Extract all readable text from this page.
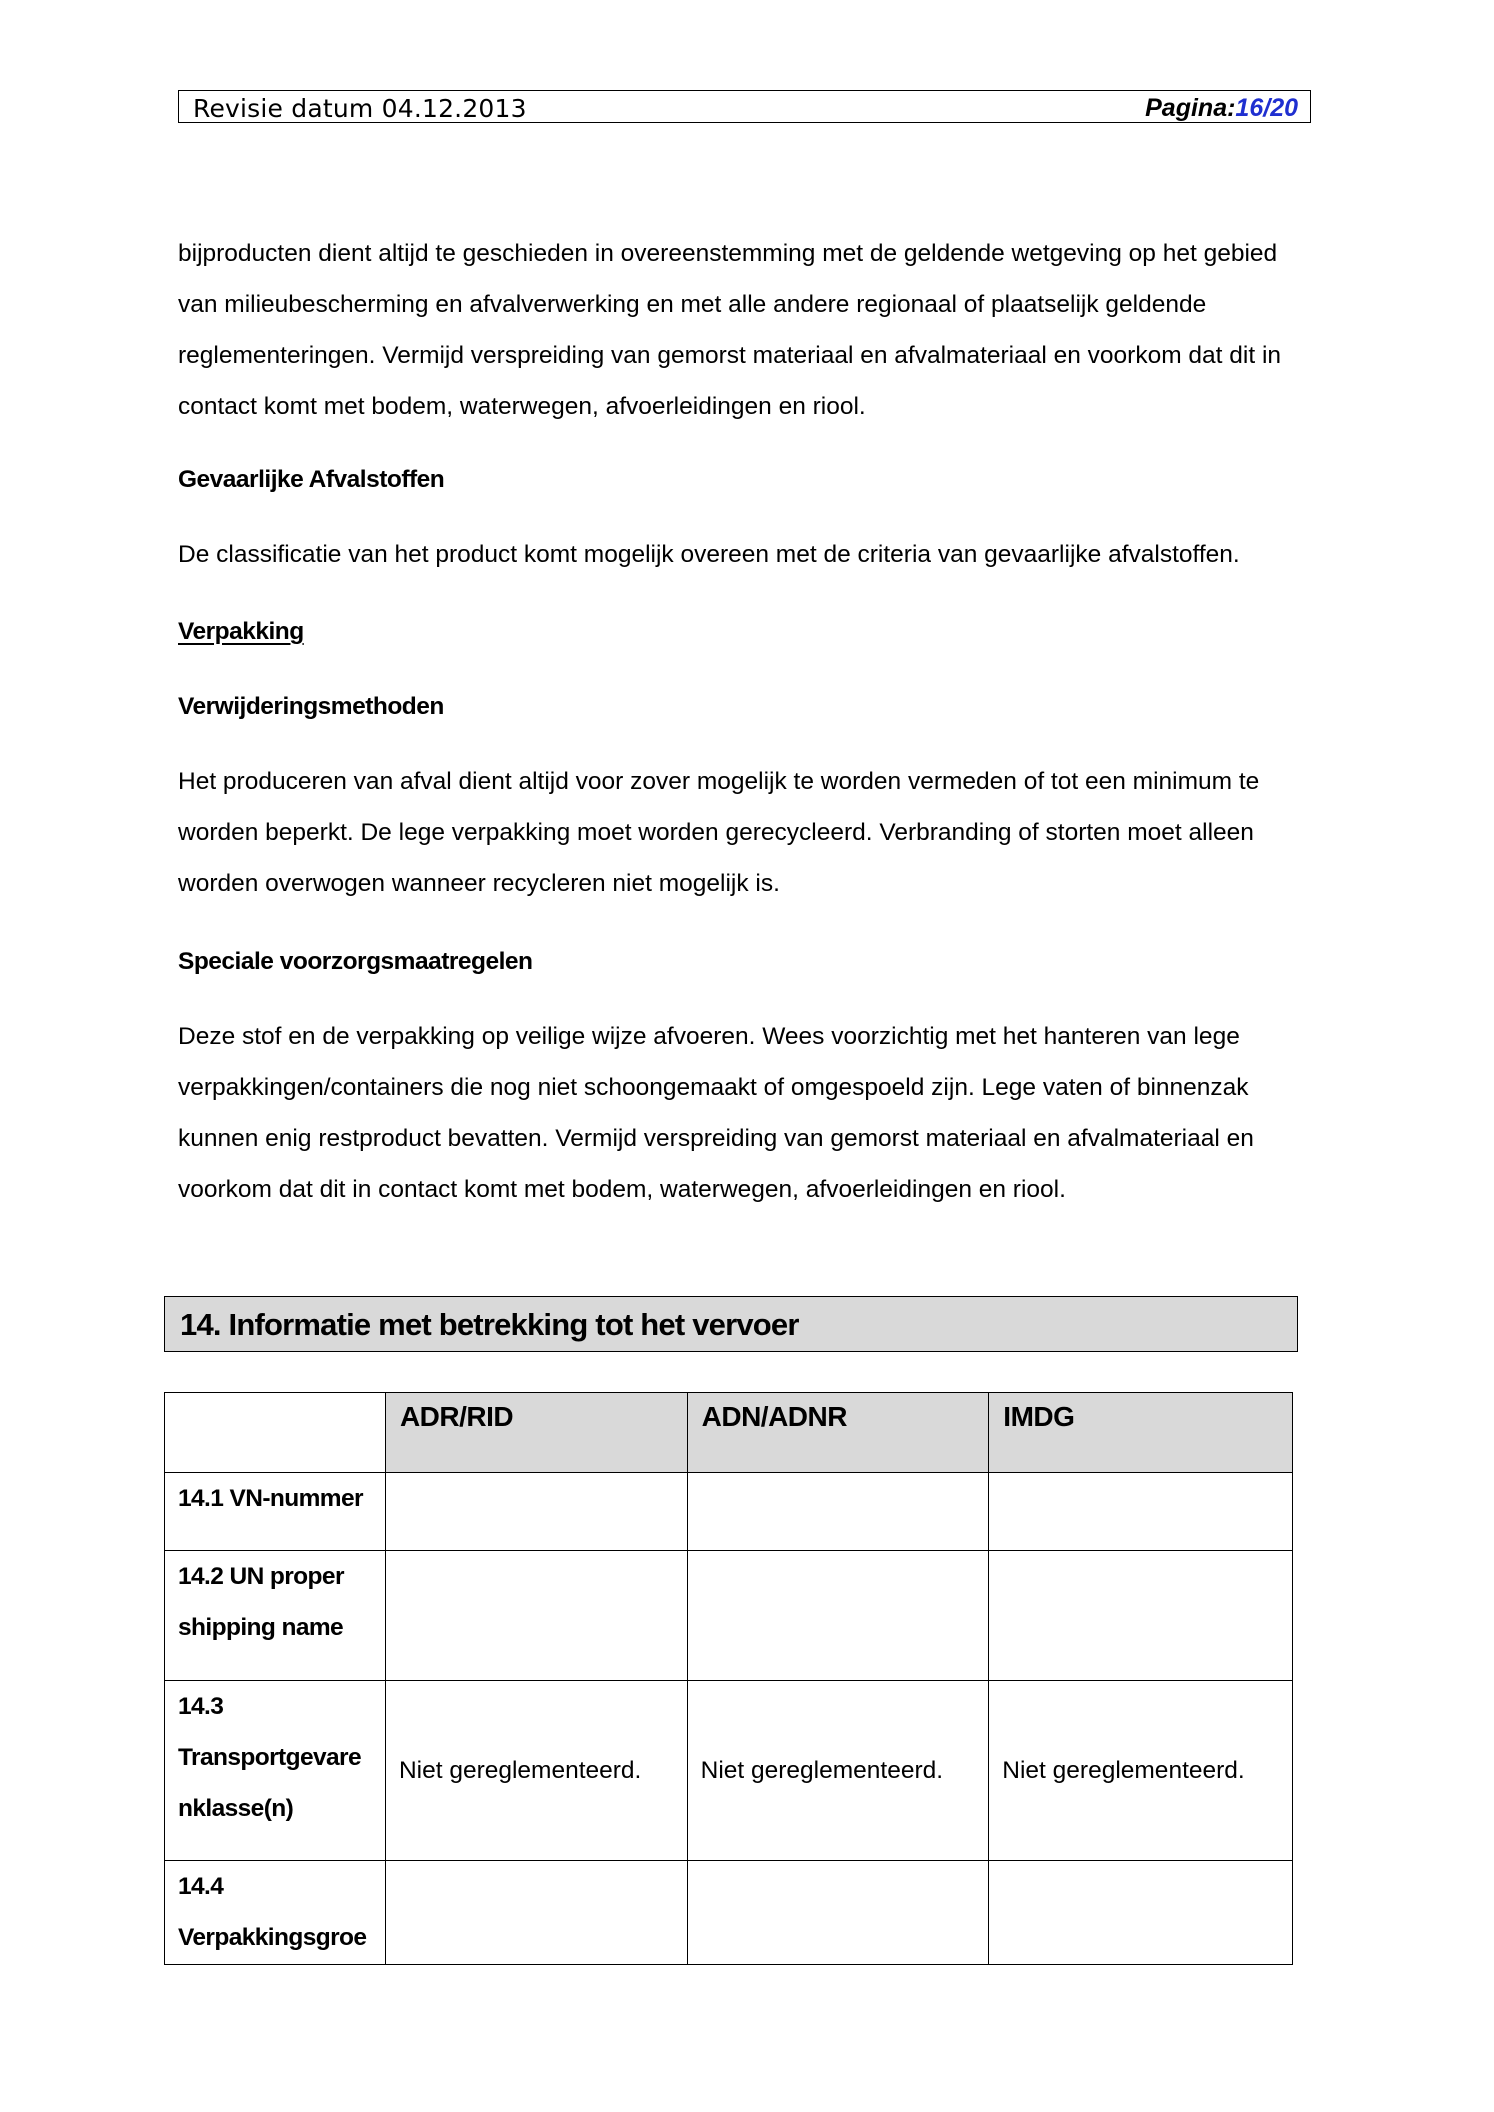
Revisie datum 04.12.2013	Pagina:16/20

bijproducten dient altijd te geschieden in overeenstemming met de geldende wetgeving op het gebied van milieubescherming en afvalverwerking en met alle andere regionaal of plaatselijk geldende reglementeringen. Vermijd verspreiding van gemorst materiaal en afvalmateriaal en voorkom dat dit in contact komt met bodem, waterwegen, afvoerleidingen en riool.

Gevaarlijke Afvalstoffen

De classificatie van het product komt mogelijk overeen met de criteria van gevaarlijke afvalstoffen.

Verpakking

Verwijderingsmethoden

Het produceren van afval dient altijd voor zover mogelijk te worden vermeden of tot een minimum te worden beperkt. De lege verpakking moet worden gerecycleerd. Verbranding of storten moet alleen worden overwogen wanneer recycleren niet mogelijk is.

Speciale voorzorgsmaatregelen

Deze stof en de verpakking op veilige wijze afvoeren. Wees voorzichtig met het hanteren van lege verpakkingen/containers die nog niet schoongemaakt of omgespoeld zijn. Lege vaten of binnenzak kunnen enig restproduct bevatten. Vermijd verspreiding van gemorst materiaal en afvalmateriaal en voorkom dat dit in contact komt met bodem, waterwegen, afvoerleidingen en riool.

14. Informatie met betrekking tot het vervoer
	ADR/RID	ADN/ADNR	IMDG
14.1 VN-nummer			

14.2 UN proper
shipping name			

14.3
Transportgevare
nklasse(n)	Niet gereglementeerd.	Niet gereglementeerd.	Niet gereglementeerd.

14.4
Verpakkingsgroe			
